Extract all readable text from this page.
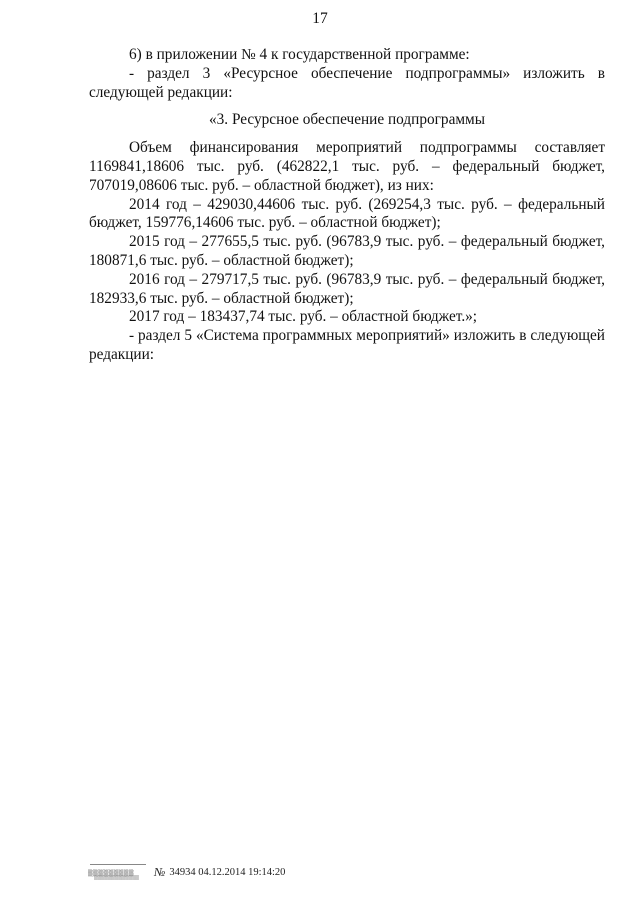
17

6) в приложении № 4 к государственной программе:

- раздел 3 «Ресурсное обеспечение подпрограммы» изложить в

следующей редакции:

«3. Ресурсное обеспечение подпрограммы

Объем финансирования мероприятий подпрограммы составляет

1169841,18606 тыс. руб. (462822,1 тыс. руб. – федеральный бюджет,

707019,08606 тыс. руб. – областной бюджет), из них:

2014 год – 429030,44606 тыс. руб. (269254,3 тыс. руб. – федеральный

бюджет, 159776,14606 тыс. руб. – областной бюджет);

2015 год – 277655,5 тыс. руб. (96783,9 тыс. руб. – федеральный бюджет,

180871,6 тыс. руб. – областной бюджет);

2016 год – 279717,5 тыс. руб. (96783,9 тыс. руб. – федеральный бюджет,

182933,6 тыс. руб. – областной бюджет);

2017 год – 183437,74 тыс. руб. – областной бюджет.»;

- раздел 5 «Системa программных мероприятий» изложить в следующей

редакции:

▒▒▒▒▒▒▒▒▒
▒▒▒▒▒▒▒▒▒▒▒▒▒ № 34934 04.12.2014 19:14:20
